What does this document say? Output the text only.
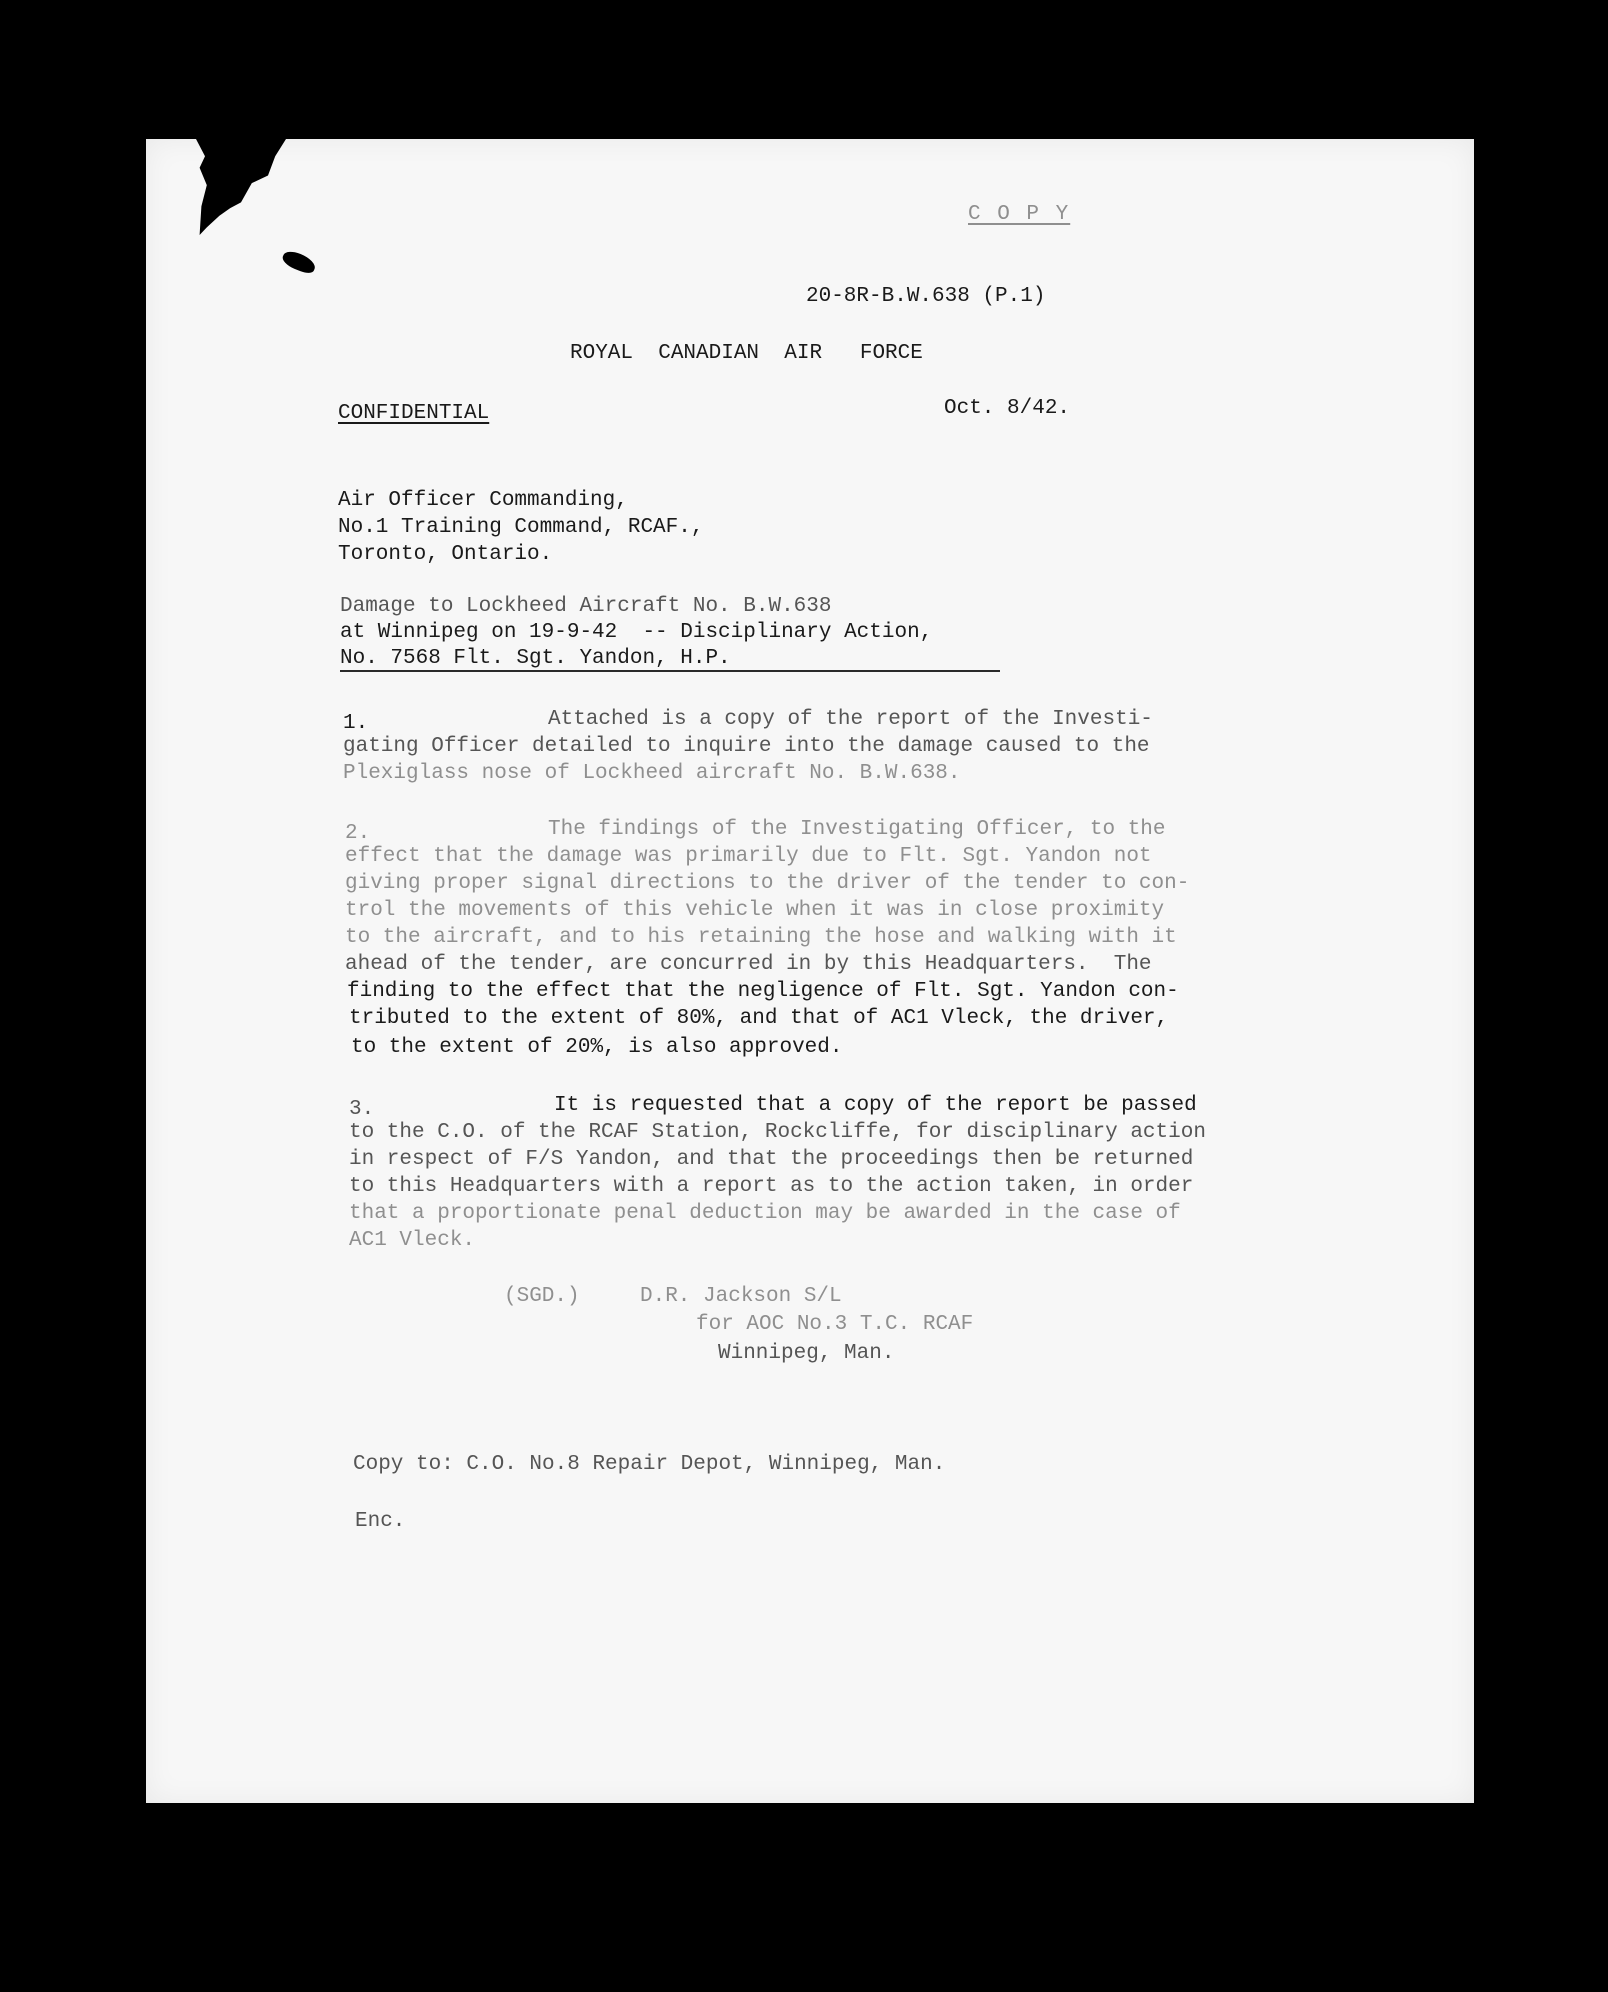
C O P Y
20-8R-B.W.638 (P.1)
ROYAL  CANADIAN  AIR   FORCE
CONFIDENTIAL	Oct. 8/42.
Air Officer Commanding,
No.1 Training Command, RCAF.,
Toronto, Ontario.
Damage to Lockheed Aircraft No. B.W.638
at Winnipeg on 19-9-42  -- Disciplinary Action,
No. 7568 Flt. Sgt. Yandon, H.P.
1.	Attached is a copy of the report of the Investi-
gating Officer detailed to inquire into the damage caused to the
Plexiglass nose of Lockheed aircraft No. B.W.638.
2.	The findings of the Investigating Officer, to the
effect that the damage was primarily due to Flt. Sgt. Yandon not
giving proper signal directions to the driver of the tender to con-
trol the movements of this vehicle when it was in close proximity
to the aircraft, and to his retaining the hose and walking with it
ahead of the tender, are concurred in by this Headquarters.  The
finding to the effect that the negligence of Flt. Sgt. Yandon con-
tributed to the extent of 80%, and that of AC1 Vleck, the driver,
to the extent of 20%, is also approved.
3.	It is requested that a copy of the report be passed
to the C.O. of the RCAF Station, Rockcliffe, for disciplinary action
in respect of F/S Yandon, and that the proceedings then be returned
to this Headquarters with a report as to the action taken, in order
that a proportionate penal deduction may be awarded in the case of
AC1 Vleck.
(SGD.)	D.R. Jackson S/L
for AOC No.3 T.C. RCAF
Winnipeg, Man.
Copy to: C.O. No.8 Repair Depot, Winnipeg, Man.
Enc.
